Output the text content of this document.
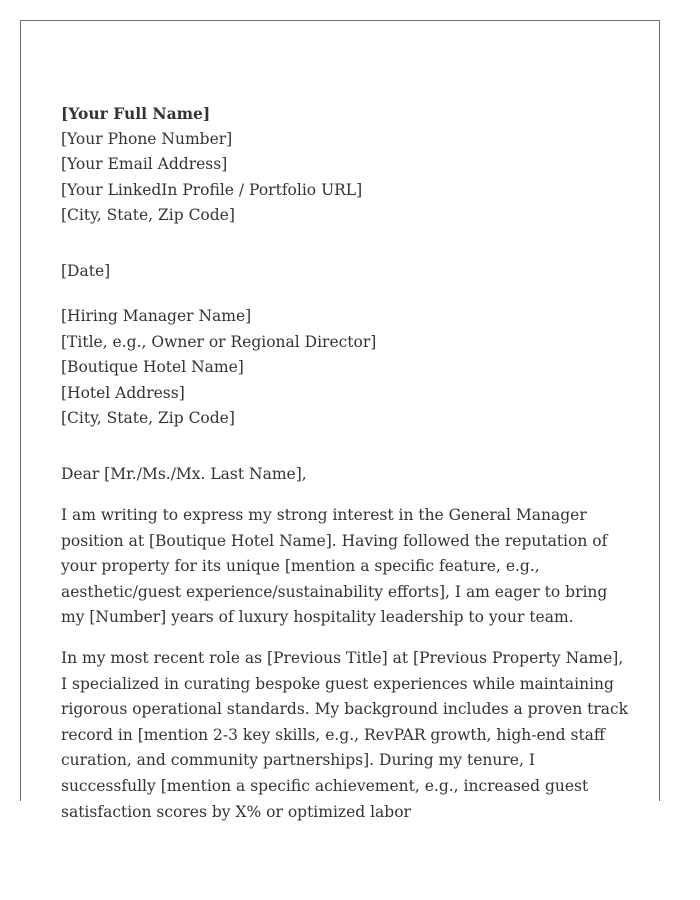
[Your Full Name]
[Your Phone Number]
[Your Email Address]
[Your LinkedIn Profile / Portfolio URL]
[City, State, Zip Code]
[Date]
[Hiring Manager Name]
[Title, e.g., Owner or Regional Director]
[Boutique Hotel Name]
[Hotel Address]
[City, State, Zip Code]
Dear [Mr./Ms./Mx. Last Name],

I am writing to express my strong interest in the General Manager position at [Boutique Hotel Name]. Having followed the reputation of your property for its unique [mention a specific feature, e.g., aesthetic/guest experience/sustainability efforts], I am eager to bring my [Number] years of luxury hospitality leadership to your team.

In my most recent role as [Previous Title] at [Previous Property Name], I specialized in curating bespoke guest experiences while maintaining rigorous operational standards. My background includes a proven track record in [mention 2-3 key skills, e.g., RevPAR growth, high-end staff curation, and community partnerships]. During my tenure, I successfully [mention a specific achievement, e.g., increased guest satisfaction scores by X% or optimized labor
